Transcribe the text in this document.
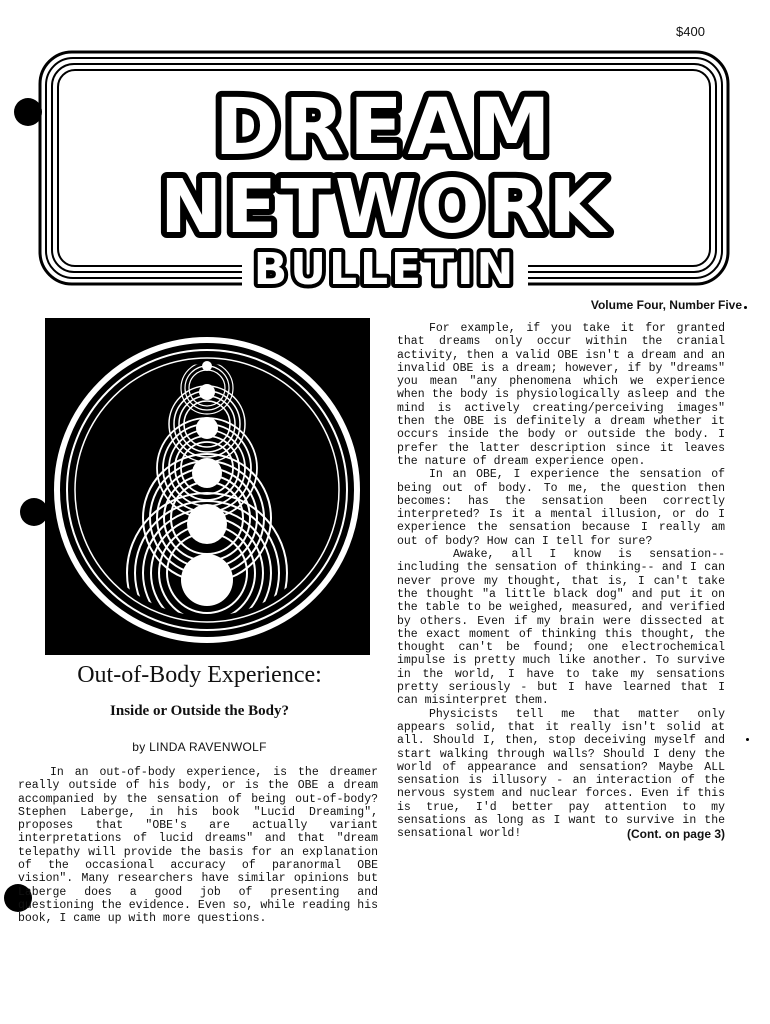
$400
DREAM
NETWORK
BULLETIN
Volume Four, Number Five
Out-of-Body Experience:
Inside or Outside the Body?
by LINDA RAVENWOLF

In an out-of-body experience, is the dreamer really outside of his body, or is the OBE a dream accompanied by the sensation of being out-of-body? Stephen Laberge, in his book "Lucid Dreaming", proposes that "OBE's are actually variant interpretations of lucid dreams" and that "dream telepathy will provide the basis for an explanation of the occasional accuracy of paranormal OBE vision". Many researchers have similar opinions but Laberge does a good job of presenting and questioning the evidence. Even so, while reading his book, I came up with more questions.

For example, if you take it for granted that dreams only occur within the cranial activity, then a valid OBE isn't a dream and an invalid OBE is a dream; however, if by "dreams" you mean "any phenomena which we experience when the body is physiologically asleep and the mind is actively creating/perceiving images" then the OBE is definitely a dream whether it occurs inside the body or outside the body. I prefer the latter description since it leaves the nature of dream experience open.

In an OBE, I experience the sensation of being out of body. To me, the question then becomes: has the sensation been correctly interpreted? Is it a mental illusion, or do I experience the sensation because I really am out of body? How can I tell for sure?

Awake, all I know is sensation-- including the sensation of thinking-- and I can never prove my thought, that is, I can't take the thought "a little black dog" and put it on the table to be weighed, measured, and verified by others. Even if my brain were dissected at the exact moment of thinking this thought, the thought can't be found; one electrochemical impulse is pretty much like another. To survive in the world, I have to take my sensations pretty seriously - but I have learned that I can misinterpret them.

Physicists tell me that matter only appears solid, that it really isn't solid at all. Should I, then, stop deceiving myself and start walking through walls? Should I deny the world of appearance and sensation? Maybe ALL sensation is illusory - an interaction of the nervous system and nuclear forces. Even if this is true, I'd better pay attention to my sensations as long as I want to survive in the sensational world!	(Cont. on page 3)
